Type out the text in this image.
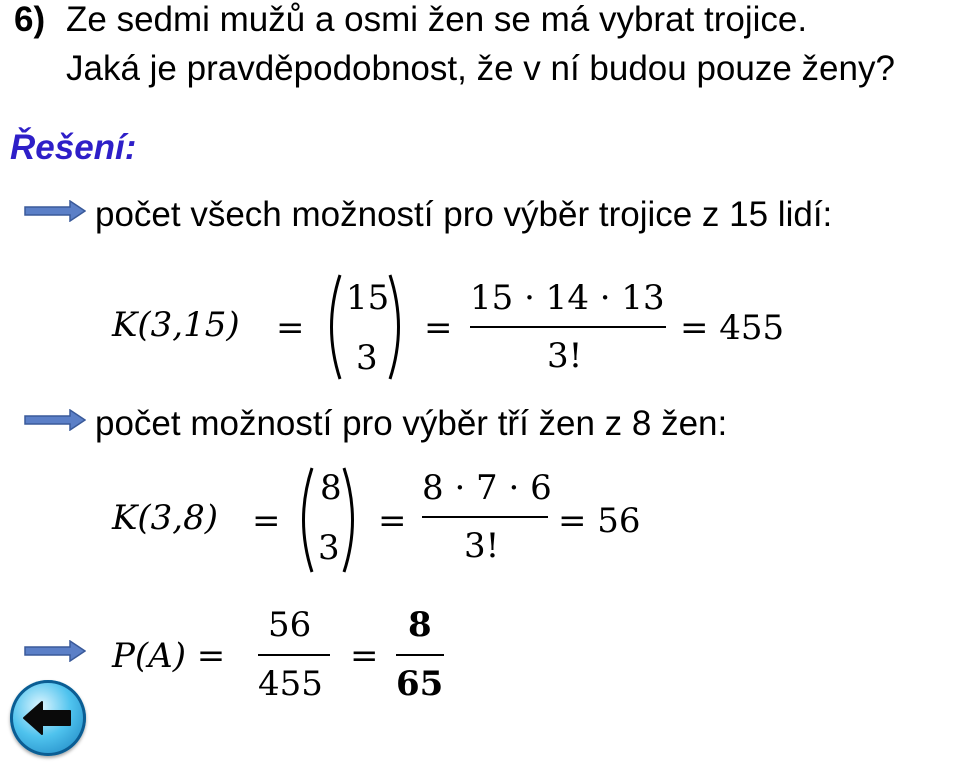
6) Ze sedmi mužů a osmi žen se má vybrat trojice.
Jaká je pravděpodobnost, že v ní budou pouze ženy?
Řešení:
počet všech možností pro výběr trojice z 15 lidí:
K(3,15) =
15
3
=
15 · 14 · 13
3!
= 455
počet možností pro výběr tří žen z 8 žen:
K(3,8) =
8
3
=
8 · 7 · 6
3!
= 56
P(A) =
56
455
=
8
65
